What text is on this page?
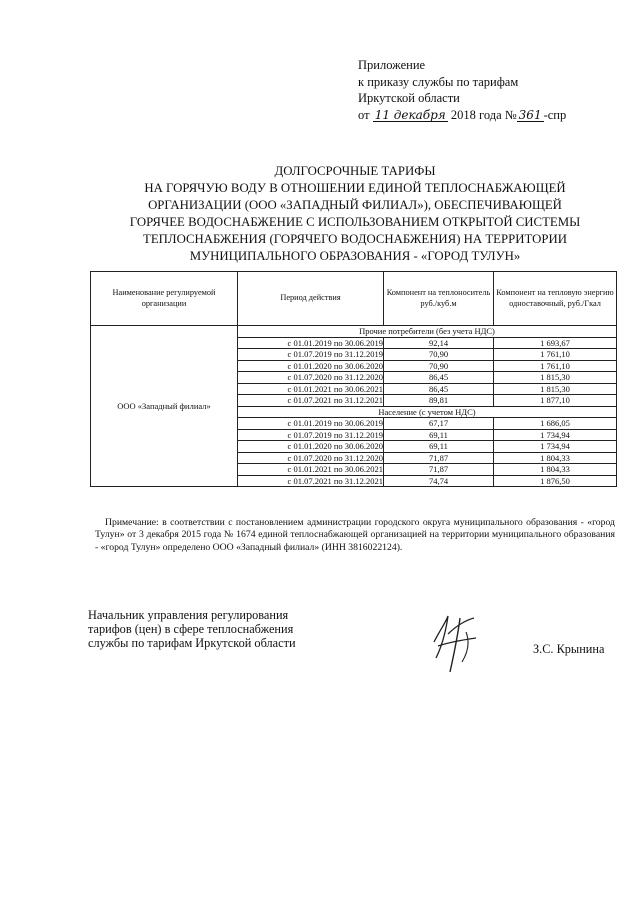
Приложение
к приказу службы по тарифам
Иркутской области
от 11 декабря 2018 года № 361 -спр
ДОЛГОСРОЧНЫЕ ТАРИФЫ
НА ГОРЯЧУЮ ВОДУ В ОТНОШЕНИИ ЕДИНОЙ ТЕПЛОСНАБЖАЮЩЕЙ
ОРГАНИЗАЦИИ (ООО «ЗАПАДНЫЙ ФИЛИАЛ»), ОБЕСПЕЧИВАЮЩЕЙ
ГОРЯЧЕЕ ВОДОСНАБЖЕНИЕ С ИСПОЛЬЗОВАНИЕМ ОТКРЫТОЙ СИСТЕМЫ
ТЕПЛОСНАБЖЕНИЯ (ГОРЯЧЕГО ВОДОСНАБЖЕНИЯ) НА ТЕРРИТОРИИ
МУНИЦИПАЛЬНОГО ОБРАЗОВАНИЯ - «ГОРОД ТУЛУН»
Наименование регулируемой организации	Период действия	Компонент на теплоноситель руб./куб.м	Компонент на тепловую энергию одноставочный, руб./Гкал
ООО «Западный филиал»	Прочие потребители (без учета НДС)		
	с 01.01.2019 по 30.06.2019	92,14	1 693,67
	с 01.07.2019 по 31.12.2019	70,90	1 761,10
	с 01.01.2020 по 30.06.2020	70,90	1 761,10
	с 01.07.2020 по 31.12.2020	86,45	1 815,30
	с 01.01.2021 по 30.06.2021	86,45	1 815,30
	с 01.07.2021 по 31.12.2021	89,81	1 877,10
	Население (с учетом НДС)		
	с 01.01.2019 по 30.06.2019	67,17	1 686,05
	с 01.07.2019 по 31.12.2019	69,11	1 734,94
	с 01.01.2020 по 30.06.2020	69,11	1 734,94
	с 01.07.2020 по 31.12.2020	71,87	1 804,33
	с 01.01.2021 по 30.06.2021	71,87	1 804,33
	с 01.07.2021 по 31.12.2021	74,74	1 876,50
Примечание: в соответствии с постановлением администрации городского округа муниципального образования - «город Тулун» от 3 декабря 2015 года № 1674 единой теплоснабжающей организацией на территории муниципального образования - «город Тулун» определено ООО «Западный филиал» (ИНН 3816022124).
Начальник управления регулирования
тарифов (цен) в сфере теплоснабжения
службы по тарифам Иркутской области	З.С. Крынина
